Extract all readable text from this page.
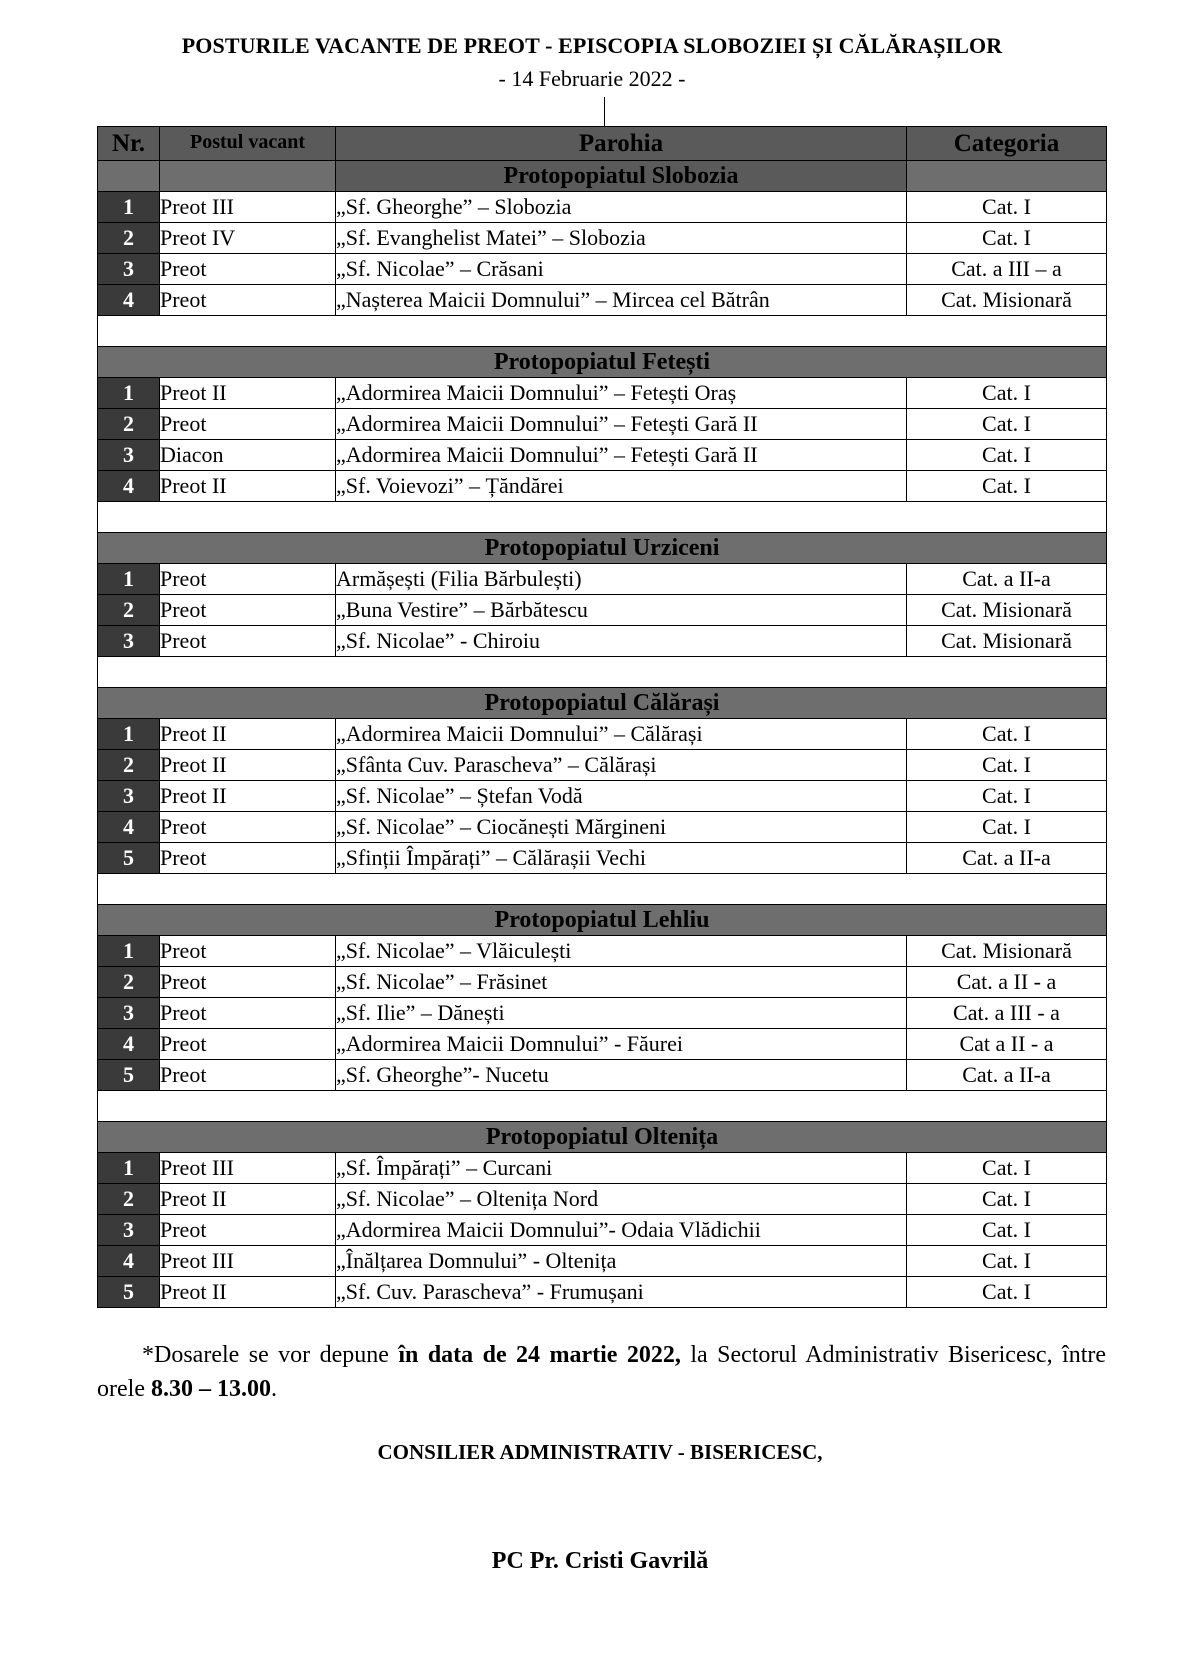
POSTURILE VACANTE DE PREOT - EPISCOPIA SLOBOZIEI ȘI CĂLĂRAȘILOR
- 14 Februarie 2022 -
Nr.	Postul vacant	Parohia	Categoria
		Protopopiatul Slobozia	
1	Preot III	„Sf. Gheorghe” – Slobozia	Cat. I
2	Preot IV	„Sf. Evanghelist Matei” – Slobozia	Cat. I
3	Preot	„Sf. Nicolae” – Crăsani	Cat. a III – a
4	Preot	„Nașterea Maicii Domnului” – Mircea cel Bătrân	Cat. Misionară

Protopopiatul Fetești			
1	Preot II	„Adormirea Maicii Domnului” – Fetești Oraș	Cat. I
2	Preot	„Adormirea Maicii Domnului” – Fetești Gară II	Cat. I
3	Diacon	„Adormirea Maicii Domnului” – Fetești Gară II	Cat. I
4	Preot II	„Sf. Voievozi” – Țăndărei	Cat. I

Protopopiatul Urziceni			
1	Preot	Armășești (Filia Bărbulești)	Cat. a II-a
2	Preot	„Buna Vestire” – Bărbătescu	Cat. Misionară
3	Preot	„Sf. Nicolae” - Chiroiu	Cat. Misionară

Protopopiatul Călărași			
1	Preot II	„Adormirea Maicii Domnului” – Călărași	Cat. I
2	Preot II	„Sfânta Cuv. Parascheva” – Călărași	Cat. I
3	Preot II	„Sf. Nicolae” – Ștefan Vodă	Cat. I
4	Preot	„Sf. Nicolae” – Ciocănești Mărgineni	Cat. I
5	Preot	„Sfinții Împărați” – Călărașii Vechi	Cat. a II-a

Protopopiatul Lehliu			
1	Preot	„Sf. Nicolae” – Vlăiculești	Cat. Misionară
2	Preot	„Sf. Nicolae” – Frăsinet	Cat. a II - a
3	Preot	„Sf. Ilie” – Dănești	Cat. a III - a
4	Preot	„Adormirea Maicii Domnului” - Făurei	Cat a II - a
5	Preot	„Sf. Gheorghe”- Nucetu	Cat. a II-a

Protopopiatul Oltenița			
1	Preot III	„Sf. Împărați” – Curcani	Cat. I
2	Preot II	„Sf. Nicolae” – Oltenița Nord	Cat. I
3	Preot	„Adormirea Maicii Domnului”- Odaia Vlădichii	Cat. I
4	Preot III	„Înălțarea Domnului” - Oltenița	Cat. I
5	Preot II	„Sf. Cuv. Parascheva” - Frumușani	Cat. I
*Dosarele se vor depune în data de 24 martie 2022, la Sectorul Administrativ Bisericesc, între orele 8.30 – 13.00.
CONSILIER ADMINISTRATIV - BISERICESC,
PC Pr. Cristi Gavrilă
